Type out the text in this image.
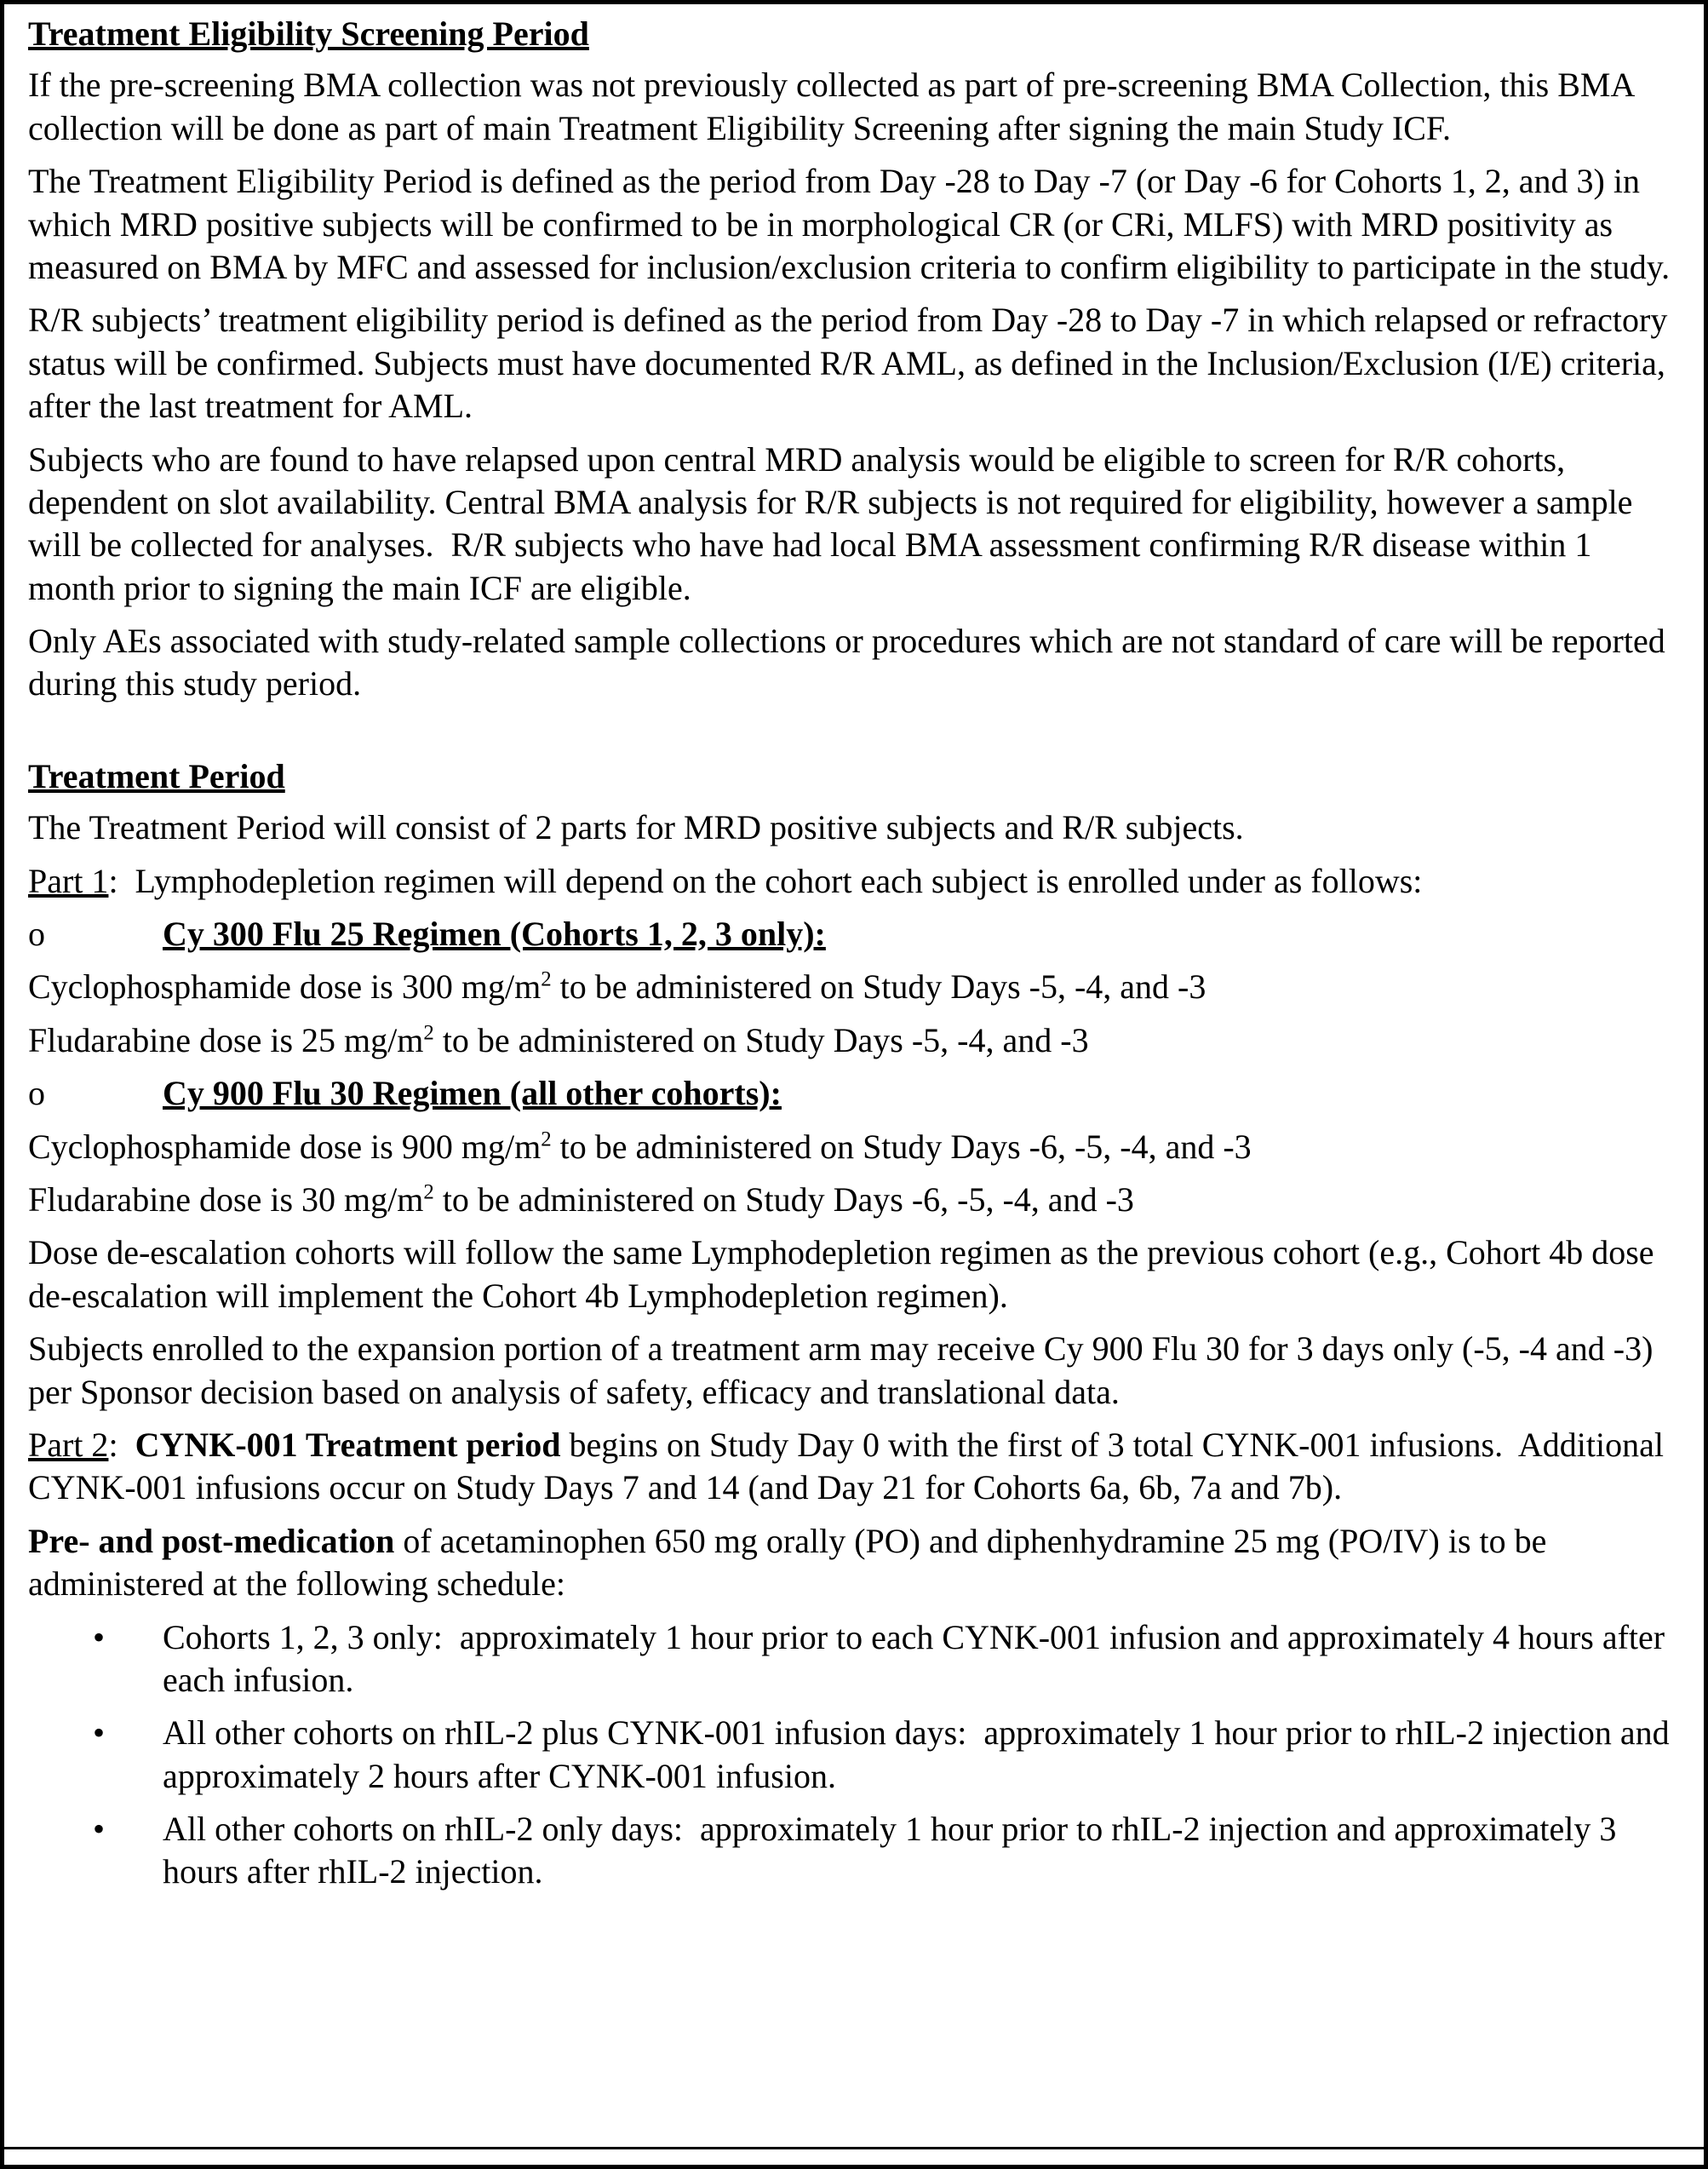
Treatment Eligibility Screening Period
If the pre-screening BMA collection was not previously collected as part of pre-screening BMA Collection, this BMA collection will be done as part of main Treatment Eligibility Screening after signing the main Study ICF.
The Treatment Eligibility Period is defined as the period from Day -28 to Day -7 (or Day -6 for Cohorts 1, 2, and 3) in which MRD positive subjects will be confirmed to be in morphological CR (or CRi, MLFS) with MRD positivity as measured on BMA by MFC and assessed for inclusion/exclusion criteria to confirm eligibility to participate in the study.
R/R subjects’ treatment eligibility period is defined as the period from Day -28 to Day -7 in which relapsed or refractory status will be confirmed. Subjects must have documented R/R AML, as defined in the Inclusion/Exclusion (I/E) criteria, after the last treatment for AML.
Subjects who are found to have relapsed upon central MRD analysis would be eligible to screen for R/R cohorts, dependent on slot availability. Central BMA analysis for R/R subjects is not required for eligibility, however a sample will be collected for analyses.  R/R subjects who have had local BMA assessment confirming R/R disease within 1 month prior to signing the main ICF are eligible.
Only AEs associated with study-related sample collections or procedures which are not standard of care will be reported during this study period.
Treatment Period
The Treatment Period will consist of 2 parts for MRD positive subjects and R/R subjects.
Part 1:  Lymphodepletion regimen will depend on the cohort each subject is enrolled under as follows:
o	Cy 300 Flu 25 Regimen (Cohorts 1, 2, 3 only):
Cyclophosphamide dose is 300 $mg/m^2$ to be administered on Study Days -5, -4, and -3
Fludarabine dose is 25 $mg/m^2$ to be administered on Study Days -5, -4, and -3
o	Cy 900 Flu 30 Regimen (all other cohorts):
Cyclophosphamide dose is 900 $mg/m^2$ to be administered on Study Days -6, -5, -4, and -3
Fludarabine dose is 30 $mg/m^2$ to be administered on Study Days -6, -5, -4, and -3
Dose de-escalation cohorts will follow the same Lymphodepletion regimen as the previous cohort (e.g., Cohort 4b dose de-escalation will implement the Cohort 4b Lymphodepletion regimen).
Subjects enrolled to the expansion portion of a treatment arm may receive Cy 900 Flu 30 for 3 days only (-5, -4 and -3) per Sponsor decision based on analysis of safety, efficacy and translational data.
Part 2:  CYNK-001 Treatment period begins on Study Day 0 with the first of 3 total CYNK-001 infusions.  Additional CYNK-001 infusions occur on Study Days 7 and 14 (and Day 21 for Cohorts 6a, 6b, 7a and 7b).
Pre- and post-medication of acetaminophen 650 mg orally (PO) and diphenhydramine 25 mg (PO/IV) is to be administered at the following schedule:
•	Cohorts 1, 2, 3 only:  approximately 1 hour prior to each CYNK-001 infusion and approximately 4 hours after each infusion.
•	All other cohorts on rhIL-2 plus CYNK-001 infusion days:  approximately 1 hour prior to rhIL-2 injection and approximately 2 hours after CYNK-001 infusion.
•	All other cohorts on rhIL-2 only days:  approximately 1 hour prior to rhIL-2 injection and approximately 3 hours after rhIL-2 injection.
